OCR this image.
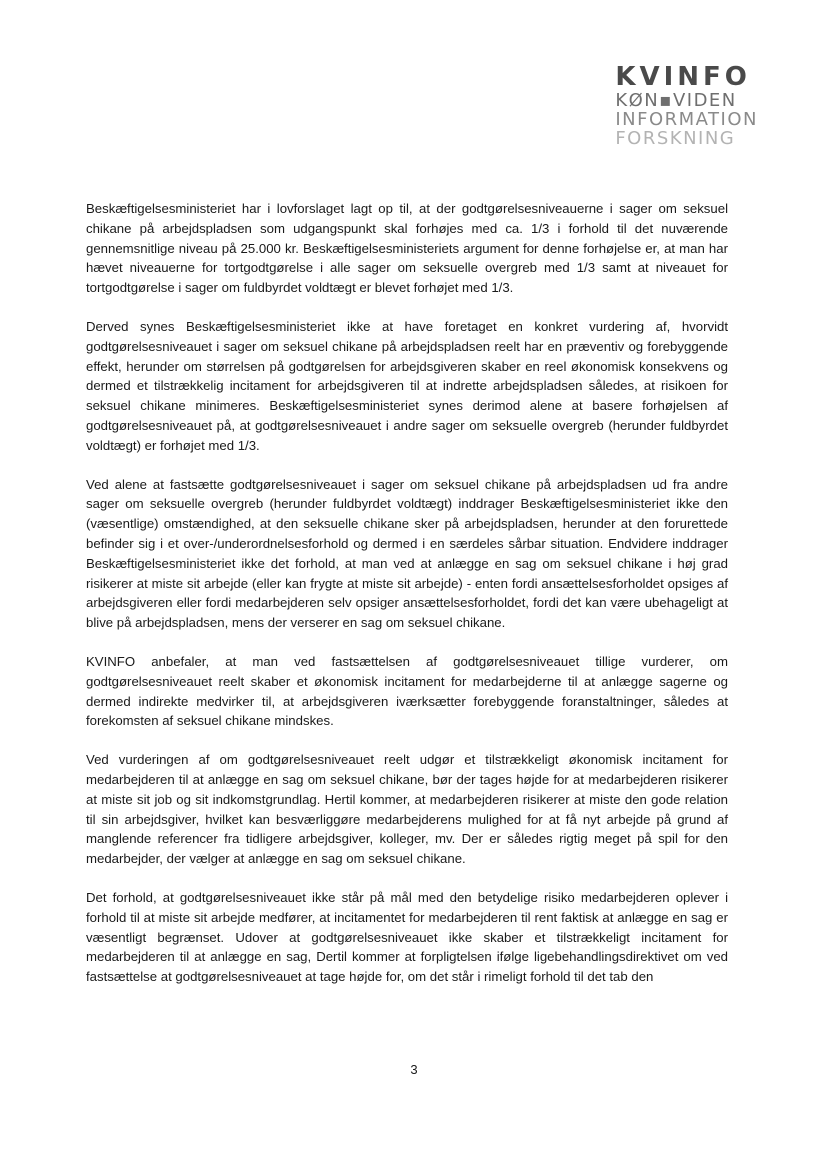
KVINFO
KØN▪VIDEN
INFORMATION
FORSKNING

Beskæftigelsesministeriet har i lovforslaget lagt op til, at der godtgørelsesniveauerne i sager om seksuel chikane på arbejdspladsen som udgangspunkt skal forhøjes med ca. 1/3 i forhold til det nuværende gennemsnitlige niveau på 25.000 kr. Beskæftigelsesministeriets argument for denne forhøjelse er, at man har hævet niveauerne for tortgodtgørelse i alle sager om seksuelle overgreb med 1/3 samt at niveauet for tortgodtgørelse i sager om fuldbyrdet voldtægt er blevet forhøjet med 1/3.

Derved synes Beskæftigelsesministeriet ikke at have foretaget en konkret vurdering af, hvorvidt godtgørelsesniveauet i sager om seksuel chikane på arbejdspladsen reelt har en præventiv og forebyggende effekt, herunder om størrelsen på godtgørelsen for arbejdsgiveren skaber en reel økonomisk konsekvens og dermed et tilstrækkelig incitament for arbejdsgiveren til at indrette arbejdspladsen således, at risikoen for seksuel chikane minimeres. Beskæftigelsesministeriet synes derimod alene at basere forhøjelsen af godtgørelsesniveauet på, at godtgørelsesniveauet i andre sager om seksuelle overgreb (herunder fuldbyrdet voldtægt) er forhøjet med 1/3.

Ved alene at fastsætte godtgørelsesniveauet i sager om seksuel chikane på arbejdspladsen ud fra andre sager om seksuelle overgreb (herunder fuldbyrdet voldtægt) inddrager Beskæftigelsesministeriet ikke den (væsentlige) omstændighed, at den seksuelle chikane sker på arbejdspladsen, herunder at den forurettede befinder sig i et over-/underordnelsesforhold og dermed i en særdeles sårbar situation. Endvidere inddrager Beskæftigelsesministeriet ikke det forhold, at man ved at anlægge en sag om seksuel chikane i høj grad risikerer at miste sit arbejde (eller kan frygte at miste sit arbejde) - enten fordi ansættelsesforholdet opsiges af arbejdsgiveren eller fordi medarbejderen selv opsiger ansættelsesforholdet, fordi det kan være ubehageligt at blive på arbejdspladsen, mens der verserer en sag om seksuel chikane.

KVINFO anbefaler, at man ved fastsættelsen af godtgørelsesniveauet tillige vurderer, om godtgørelsesniveauet reelt skaber et økonomisk incitament for medarbejderne til at anlægge sagerne og dermed indirekte medvirker til, at arbejdsgiveren iværksætter forebyggende foranstaltninger, således at forekomsten af seksuel chikane mindskes.

Ved vurderingen af om godtgørelsesniveauet reelt udgør et tilstrækkeligt økonomisk incitament for medarbejderen til at anlægge en sag om seksuel chikane, bør der tages højde for at medarbejderen risikerer at miste sit job og sit indkomstgrundlag. Hertil kommer, at medarbejderen risikerer at miste den gode relation til sin arbejdsgiver, hvilket kan besværliggøre medarbejderens mulighed for at få nyt arbejde på grund af manglende referencer fra tidligere arbejdsgiver, kolleger, mv. Der er således rigtig meget på spil for den medarbejder, der vælger at anlægge en sag om seksuel chikane.

Det forhold, at godtgørelsesniveauet ikke står på mål med den betydelige risiko medarbejderen oplever i forhold til at miste sit arbejde medfører, at incitamentet for medarbejderen til rent faktisk at anlægge en sag er væsentligt begrænset. Udover at godtgørelsesniveauet ikke skaber et tilstrækkeligt incitament for medarbejderen til at anlægge en sag, Dertil kommer at forpligtelsen ifølge ligebehandlingsdirektivet om ved fastsættelse at godtgørelsesniveauet at tage højde for, om det står i rimeligt forhold til det tab den

3
